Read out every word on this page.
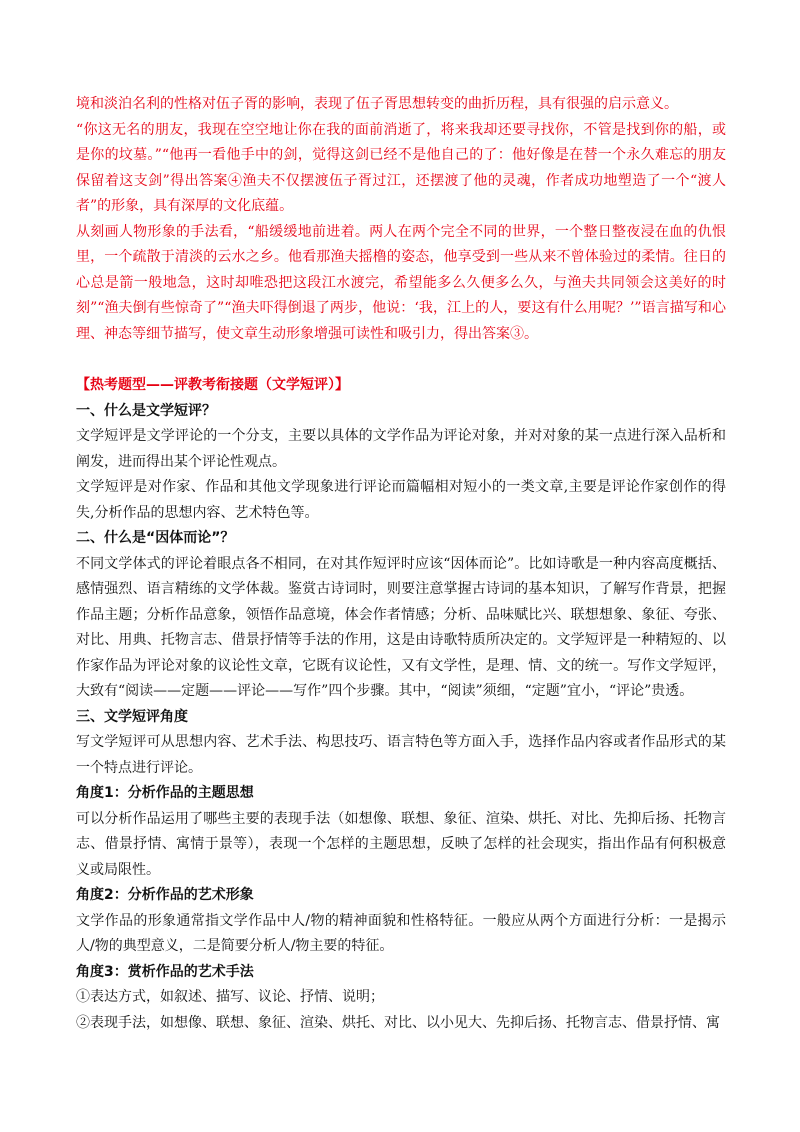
境和淡泊名利的性格对伍子胥的影响，表现了伍子胥思想转变的曲折历程，具有很强的启示意义。

“你这无名的朋友，我现在空空地让你在我的面前消逝了，将来我却还要寻找你，不管是找到你的船，或是你的坟墓。”“他再一看他手中的剑，觉得这剑已经不是他自己的了：他好像是在替一个永久难忘的朋友保留着这支剑”得出答案④渔夫不仅摆渡伍子胥过江，还摆渡了他的灵魂，作者成功地塑造了一个“渡人者”的形象，具有深厚的文化底蕴。

从刻画人物形象的手法看，“船缓缓地前进着。两人在两个完全不同的世界，一个整日整夜浸在血的仇恨里，一个疏散于清淡的云水之乡。他看那渔夫摇橹的姿态，他享受到一些从来不曾体验过的柔情。往日的心总是箭一般地急，这时却唯恐把这段江水渡完，希望能多么久便多么久，与渔夫共同领会这美好的时刻”“渔夫倒有些惊奇了”“渔夫吓得倒退了两步，他说：‘我，江上的人，要这有什么用呢？’”语言描写和心理、神态等细节描写，使文章生动形象增强可读性和吸引力，得出答案③。

【热考题型——评教考衔接题（文学短评）】
一、什么是文学短评？

文学短评是文学评论的一个分支，主要以具体的文学作品为评论对象，并对对象的某一点进行深入品析和阐发，进而得出某个评论性观点。

文学短评是对作家、作品和其他文学现象进行评论而篇幅相对短小的一类文章,主要是评论作家创作的得失,分析作品的思想内容、艺术特色等。

二、什么是“因体而论”？

不同文学体式的评论着眼点各不相同，在对其作短评时应该“因体而论”。比如诗歌是一种内容高度概括、感情强烈、语言精练的文学体裁。鉴赏古诗词时，则要注意掌握古诗词的基本知识，了解写作背景，把握作品主题；分析作品意象，领悟作品意境，体会作者情感；分析、品味赋比兴、联想想象、象征、夸张、对比、用典、托物言志、借景抒情等手法的作用，这是由诗歌特质所决定的。文学短评是一种精短的、以作家作品为评论对象的议论性文章，它既有议论性，又有文学性，是理、情、文的统一。写作文学短评，大致有“阅读——定题——评论——写作”四个步骤。其中，“阅读”须细，“定题”宜小，“评论”贵透。

三、文学短评角度

写文学短评可从思想内容、艺术手法、构思技巧、语言特色等方面入手，选择作品内容或者作品形式的某一个特点进行评论。

角度1：分析作品的主题思想

可以分析作品运用了哪些主要的表现手法（如想像、联想、象征、渲染、烘托、对比、先抑后扬、托物言志、借景抒情、寓情于景等），表现一个怎样的主题思想，反映了怎样的社会现实，指出作品有何积极意义或局限性。

角度2：分析作品的艺术形象

文学作品的形象通常指文学作品中人/物的精神面貌和性格特征。一般应从两个方面进行分析：一是揭示人/物的典型意义，二是简要分析人/物主要的特征。

角度3：赏析作品的艺术手法

①表达方式，如叙述、描写、议论、抒情、说明；

②表现手法，如想像、联想、象征、渲染、烘托、对比、以小见大、先抑后扬、托物言志、借景抒情、寓
